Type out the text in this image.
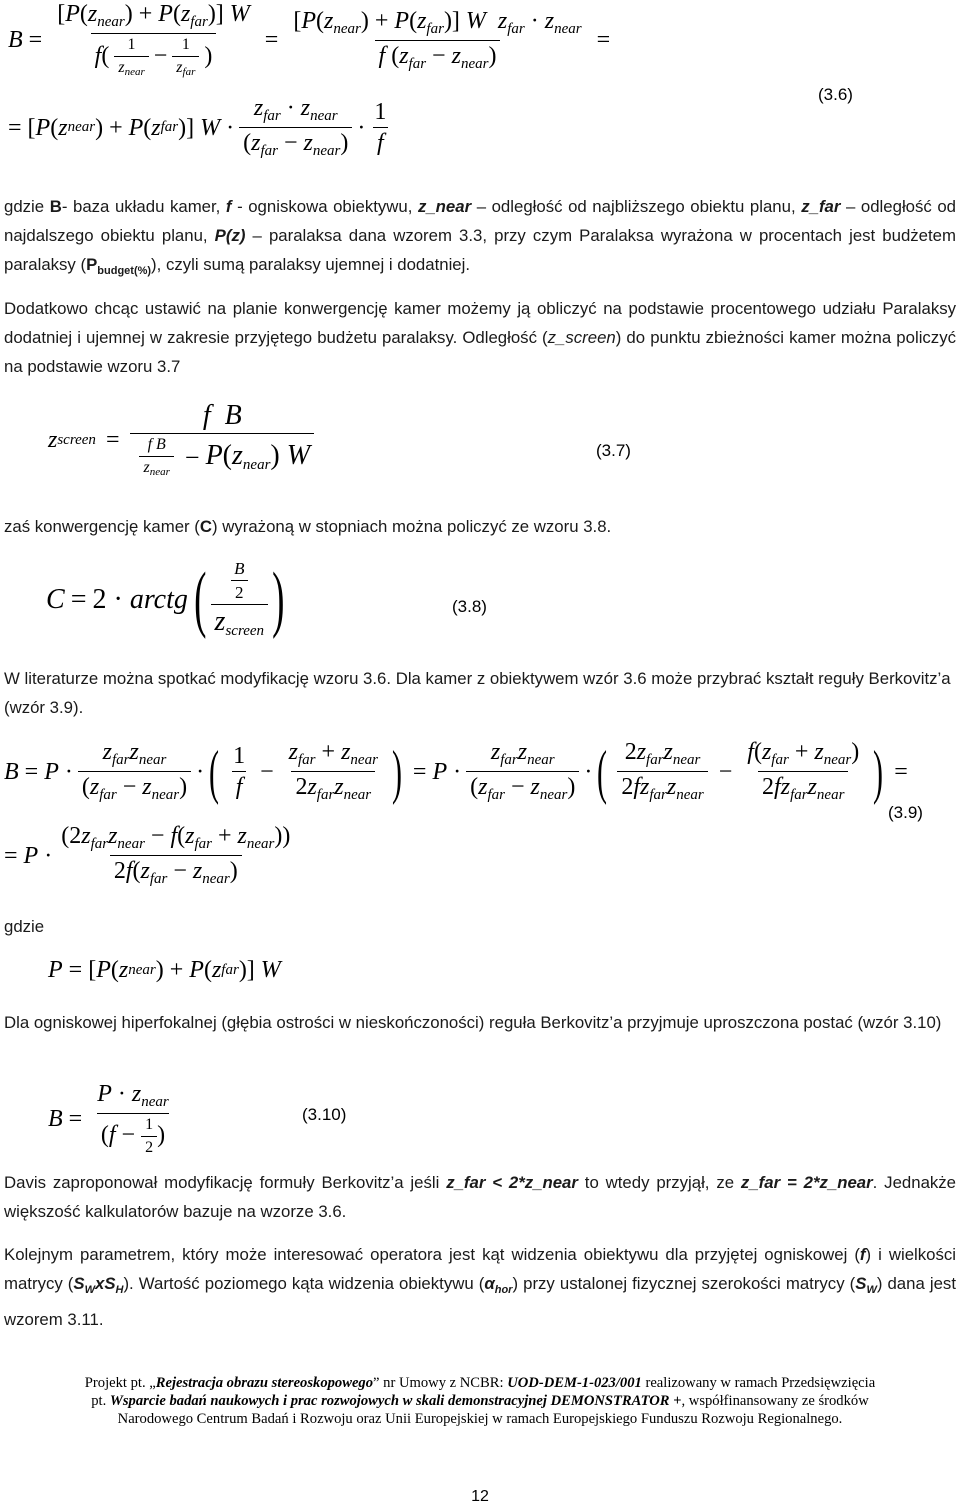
$B = \frac{[P(z_{near}) + P(z_{far})] W}{f( \frac{1}{\text{znear}} - \frac{1}{\text{zfar}} )} = \frac{[P(z_{near}) + P(z_{far})] W z_{far} \cdot z_{near}}{f (z_{far} - z_{near})}$ =
= [ P ( z near ) + P ( z far )]
$W \cdot \frac{z_{far} \cdot z_{near}}{(z_{far} - z_{near})} \cdot \frac{1}{f}$
(3.6)
gdzie B- baza układu kamer, f - ogniskowa obiektywu, z_near – odległość od najbliższego obiektu planu, z_far – odległość od najdalszego obiektu planu, P(z) – paralaksa dana wzorem 3.3, przy czym Paralaksa wyrażona w procentach jest budżetem paralaksy $(P_{budget(\%)})$, czyli sumą paralaksy ujemnej i dodatniej.
Dodatkowo chcąc ustawić na planie konwergencję kamer możemy ją obliczyć na podstawie procentowego udziału Paralaksy dodatniej i ujemnej w zakresie przyjętego budżetu paralaksy. Odległość (z_screen) do punktu zbieżności kamer można policzyć na podstawie wzoru 3.7
z screen = $\frac{\text{f B}}{\frac{\text{f B}}{\text{znear}} - P(znear) W}$	(3.7)
zaś konwergencję kamer (C) wyrażoną w stopniach można policzyć ze wzoru 3.8.
C = 2 · arctg ( $\frac{\frac{B}{2}}{\text{zscreen}}$ )	(3.8)
W literaturze można spotkać modyfikację wzoru 3.6. Dla kamer z obiektywem wzór 3.6 może przybrać kształt reguły Berkovitz’a (wzór 3.9).
$B = P \cdot \frac{z_{far}z_{near}}{(z_{far} - z_{near})}$ · ( $\frac{1}{f} - \frac{z_{far} + z_{near}}{2z_{far}z_{near}}$ ) = $P \cdot \frac{z_{far}z_{near}}{(z_{far} - z_{near})}$ · ( $\frac{2z_{far}z_{near}}{2fz_{far}z_{near}} - \frac{f(z_{far} + z_{near})}{2fz_{far}z_{near}}$ ) =
= $P \cdot \frac{(2z_{far}z_{near} - f(z_{far} + z_{near}))}{2f(z_{far} - z_{near})}$
(3.9)
gdzie
P = [ P ( z near ) + P ( z far )]
W
Dla ogniskowej hiperfokalnej (głębia ostrości w nieskończoności) reguła Berkovitz’a przyjmuje uproszczona postać (wzór 3.10)
$B = \frac{P \cdot z_{near}}{(f - \frac{1}{2} )}$	(3.10)
Davis zaproponował modyfikację formuły Berkovitz’a jeśli z_far < 2*z_near to wtedy przyjął, ze z_far = 2*z_near. Jednakże większość kalkulatorów bazuje na wzorze 3.6.
Kolejnym parametrem, który może interesować operatora jest kąt widzenia obiektywu dla przyjętej ogniskowej (f) i wielkości matrycy $(S_WxS_H)$. Wartość poziomego kąta widzenia obiektywu $(\alpha_{hor})$ przy ustalonej fizycznej szerokości matrycy $(S_W)$ dana jest wzorem 3.11.
Projekt pt. „Rejestracja obrazu stereoskopowego” nr Umowy z NCBR: UOD-DEM-1-023/001 realizowany w ramach Przedsięwzięcia
pt. Wsparcie badań naukowych i prac rozwojowych w skali demonstracyjnej DEMONSTRATOR +, współfinansowany ze środków
Narodowego Centrum Badań i Rozwoju oraz Unii Europejskiej w ramach Europejskiego Funduszu Rozwoju Regionalnego.
12
